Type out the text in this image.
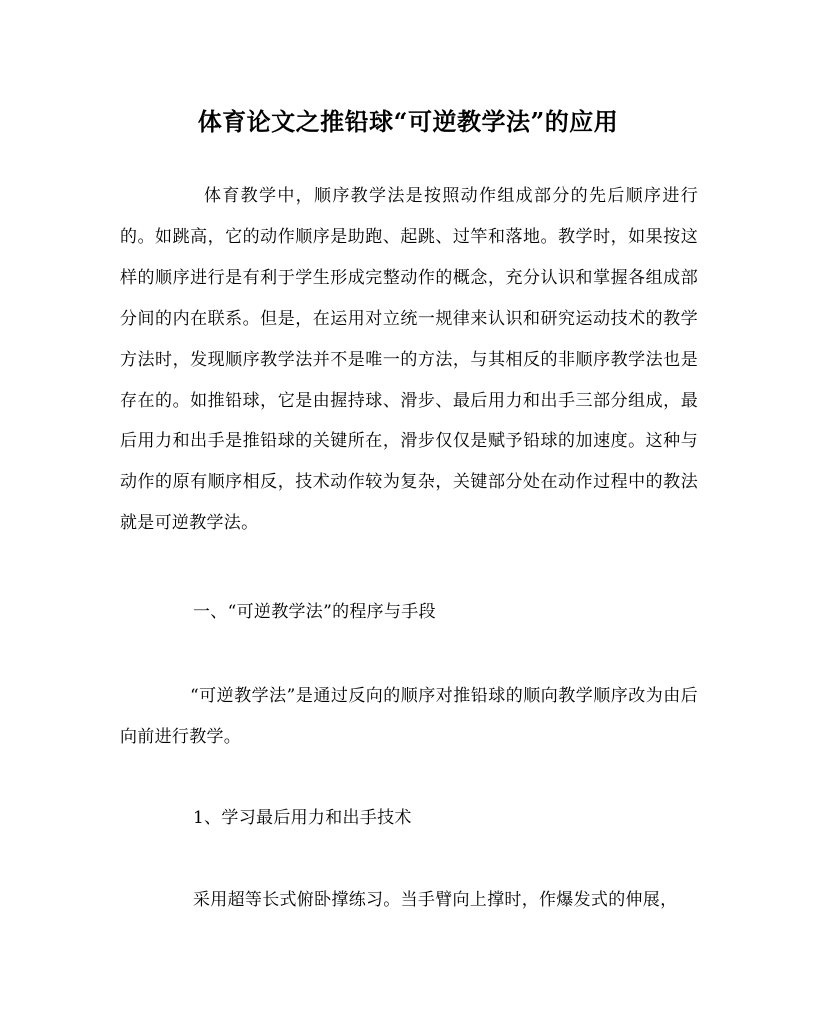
体育论文之推铅球“可逆教学法”的应用
体育教学中，顺序教学法是按照动作组成部分的先后顺序进行的。如跳高，它的动作顺序是助跑、起跳、过竿和落地。教学时，如果按这样的顺序进行是有利于学生形成完整动作的概念，充分认识和掌握各组成部分间的内在联系。但是，在运用对立统一规律来认识和研究运动技术的教学方法时，发现顺序教学法并不是唯一的方法，与其相反的非顺序教学法也是存在的。如推铅球，它是由握持球、滑步、最后用力和出手三部分组成，最后用力和出手是推铅球的关键所在，滑步仅仅是赋予铅球的加速度。这种与动作的原有顺序相反，技术动作较为复杂，关键部分处在动作过程中的教法就是可逆教学法。
一、“可逆教学法”的程序与手段
“可逆教学法”是通过反向的顺序对推铅球的顺向教学顺序改为由后向前进行教学。
1、学习最后用力和出手技术
采用超等长式俯卧撑练习。当手臂向上撑时，作爆发式的伸展，
